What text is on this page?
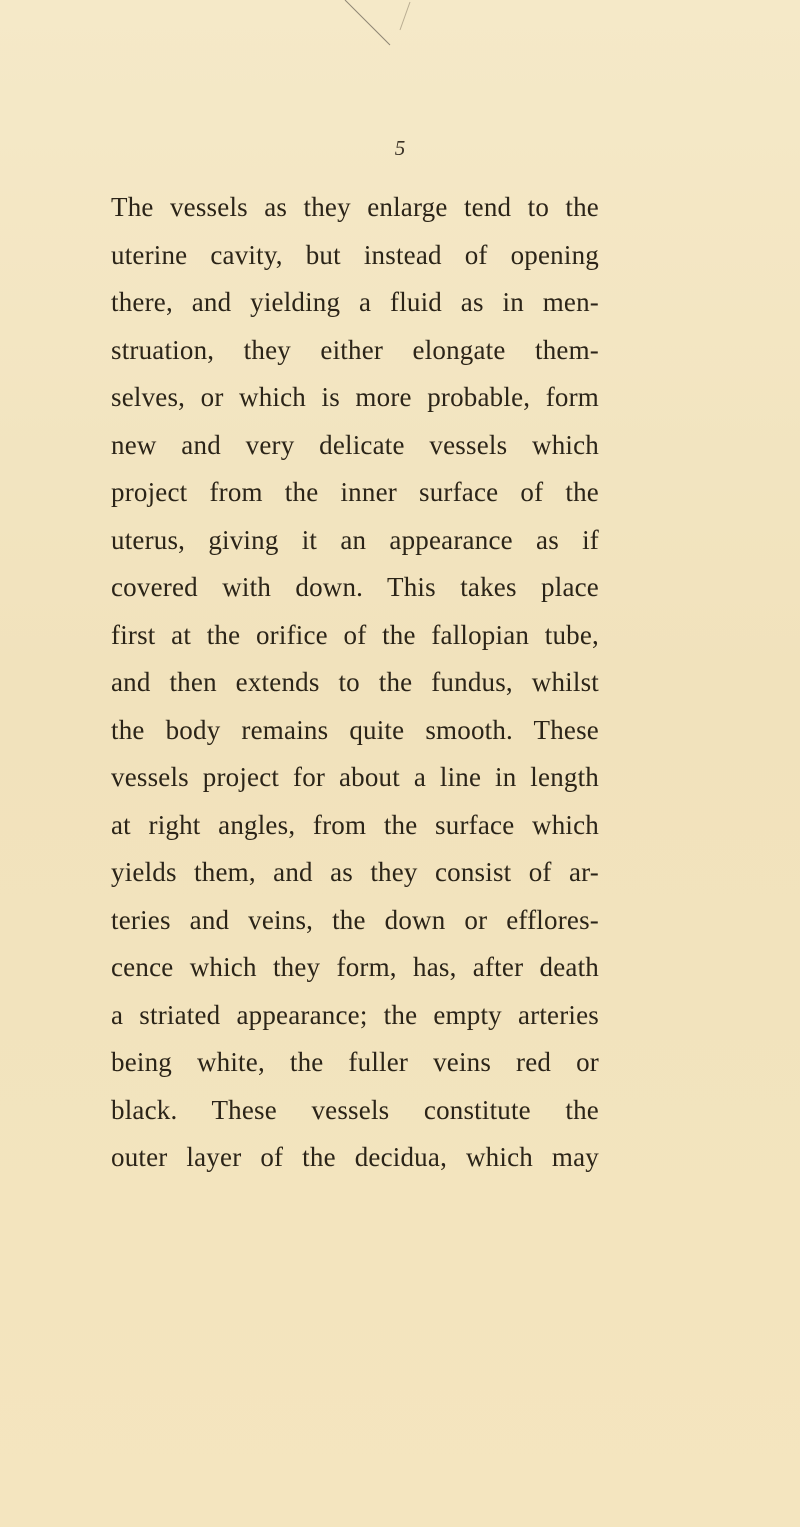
5
The vessels as they enlarge tend to the
uterine cavity, but instead of opening
there, and yielding a fluid as in men-
struation, they either elongate them-
selves, or which is more probable, form
new and very delicate vessels which
project from the inner surface of the
uterus, giving it an appearance as if
covered with down. This takes place
first at the orifice of the fallopian tube,
and then extends to the fundus, whilst
the body remains quite smooth. These
vessels project for about a line in length
at right angles, from the surface which
yields them, and as they consist of ar-
teries and veins, the down or efflores-
cence which they form, has, after death
a striated appearance; the empty arteries
being white, the fuller veins red or
black. These vessels constitute the
outer layer of the decidua, which may
